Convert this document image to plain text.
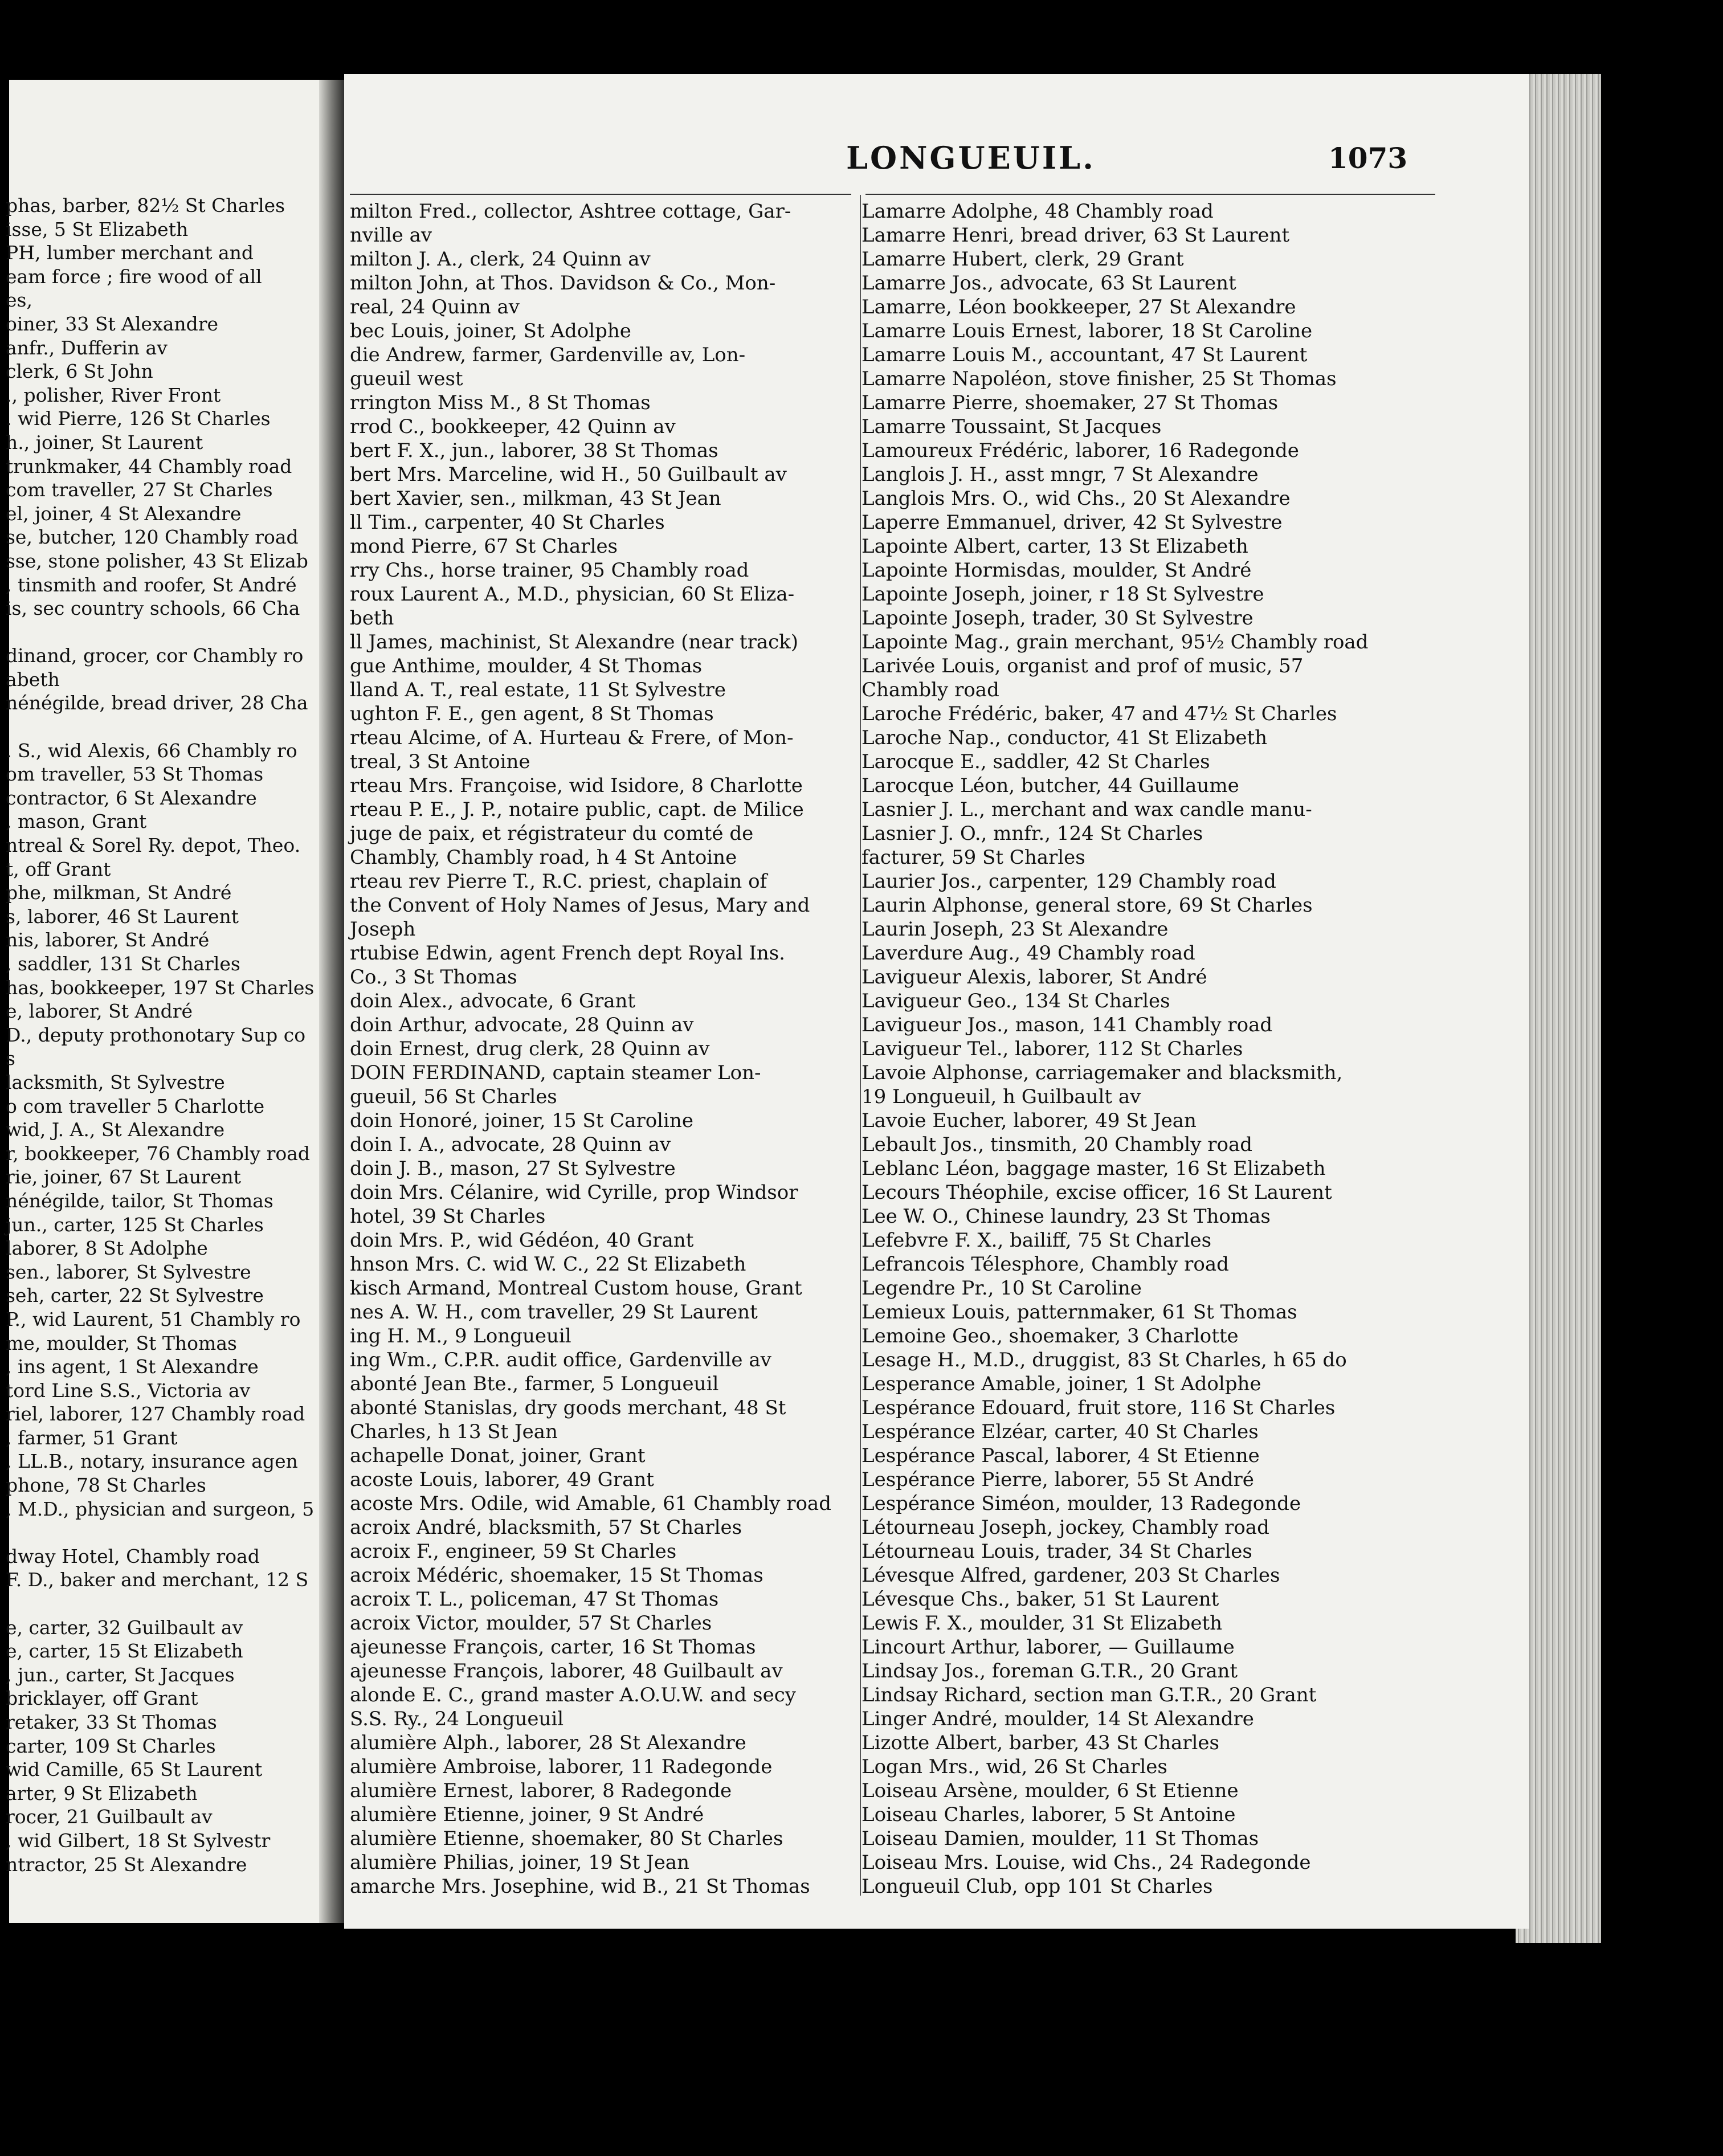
phas, barber, 82½ St Charles
isse, 5 St Elizabeth
PH, lumber merchant and
eam force ; fire wood of all
es,
oiner, 33 St Alexandre
anfr., Dufferin av
clerk, 6 St John
., polisher, River Front
. wid Pierre, 126 St Charles
h., joiner, St Laurent
trunkmaker, 44 Chambly road
com traveller, 27 St Charles
el, joiner, 4 St Alexandre
se, butcher, 120 Chambly road
sse, stone polisher, 43 St Elizab
, tinsmith and roofer, St André
is, sec country schools, 66 Cha
dinand, grocer, cor Chambly ro
abeth
nénégilde, bread driver, 28 Cha
. S., wid Alexis, 66 Chambly ro
om traveller, 53 St Thomas
contractor, 6 St Alexandre
, mason, Grant
ntreal & Sorel Ry. depot, Theo.
t, off Grant
phe, milkman, St André
s, laborer, 46 St Laurent
nis, laborer, St André
, saddler, 131 St Charles
has, bookkeeper, 197 St Charles
e, laborer, St André
D., deputy prothonotary Sup co
s
lacksmith, St Sylvestre
o com traveller 5 Charlotte
wid, J. A., St Alexandre
r, bookkeeper, 76 Chambly road
rie, joiner, 67 St Laurent
nénégilde, tailor, St Thomas
jun., carter, 125 St Charles
laborer, 8 St Adolphe
sen., laborer, St Sylvestre
seh, carter, 22 St Sylvestre
P., wid Laurent, 51 Chambly ro
me, moulder, St Thomas
, ins agent, 1 St Alexandre
tord Line S.S., Victoria av
riel, laborer, 127 Chambly road
, farmer, 51 Grant
, LL.B., notary, insurance agen
phone, 78 St Charles
, M.D., physician and surgeon, 5
dway Hotel, Chambly road
F. D., baker and merchant, 12 S
e, carter, 32 Guilbault av
e, carter, 15 St Elizabeth
, jun., carter, St Jacques
bricklayer, off Grant
retaker, 33 St Thomas
carter, 109 St Charles
wid Camille, 65 St Laurent
arter, 9 St Elizabeth
rocer, 21 Guilbault av
, wid Gilbert, 18 St Sylvestr
ntractor, 25 St Alexandre
LONGUEUIL.	1073
milton Fred., collector, Ashtree cottage, Gar-
nville av
milton J. A., clerk, 24 Quinn av
milton John, at Thos. Davidson & Co., Mon-
real, 24 Quinn av
bec Louis, joiner, St Adolphe
die Andrew, farmer, Gardenville av, Lon-
gueuil west
rrington Miss M., 8 St Thomas
rrod C., bookkeeper, 42 Quinn av
bert F. X., jun., laborer, 38 St Thomas
bert Mrs. Marceline, wid H., 50 Guilbault av
bert Xavier, sen., milkman, 43 St Jean
ll Tim., carpenter, 40 St Charles
mond Pierre, 67 St Charles
rry Chs., horse trainer, 95 Chambly road
roux Laurent A., M.D., physician, 60 St Eliza-
beth
ll James, machinist, St Alexandre (near track)
gue Anthime, moulder, 4 St Thomas
lland A. T., real estate, 11 St Sylvestre
ughton F. E., gen agent, 8 St Thomas
rteau Alcime, of A. Hurteau & Frere, of Mon-
treal, 3 St Antoine
rteau Mrs. Françoise, wid Isidore, 8 Charlotte
rteau P. E., J. P., notaire public, capt. de Milice
juge de paix, et régistrateur du comté de
Chambly, Chambly road, h 4 St Antoine
rteau rev Pierre T., R.C. priest, chaplain of
the Convent of Holy Names of Jesus, Mary and
Joseph
rtubise Edwin, agent French dept Royal Ins.
Co., 3 St Thomas
doin Alex., advocate, 6 Grant
doin Arthur, advocate, 28 Quinn av
doin Ernest, drug clerk, 28 Quinn av
DOIN FERDINAND, captain steamer Lon-
gueuil, 56 St Charles
doin Honoré, joiner, 15 St Caroline
doin I. A., advocate, 28 Quinn av
doin J. B., mason, 27 St Sylvestre
doin Mrs. Célanire, wid Cyrille, prop Windsor
hotel, 39 St Charles
doin Mrs. P., wid Gédéon, 40 Grant
hnson Mrs. C. wid W. C., 22 St Elizabeth
kisch Armand, Montreal Custom house, Grant
nes A. W. H., com traveller, 29 St Laurent
ing H. M., 9 Longueuil
ing Wm., C.P.R. audit office, Gardenville av
abonté Jean Bte., farmer, 5 Longueuil
abonté Stanislas, dry goods merchant, 48 St
Charles, h 13 St Jean
achapelle Donat, joiner, Grant
acoste Louis, laborer, 49 Grant
acoste Mrs. Odile, wid Amable, 61 Chambly road
acroix André, blacksmith, 57 St Charles
acroix F., engineer, 59 St Charles
acroix Médéric, shoemaker, 15 St Thomas
acroix T. L., policeman, 47 St Thomas
acroix Victor, moulder, 57 St Charles
ajeunesse François, carter, 16 St Thomas
ajeunesse François, laborer, 48 Guilbault av
alonde E. C., grand master A.O.U.W. and secy
S.S. Ry., 24 Longueuil
alumière Alph., laborer, 28 St Alexandre
alumière Ambroise, laborer, 11 Radegonde
alumière Ernest, laborer, 8 Radegonde
alumière Etienne, joiner, 9 St André
alumière Etienne, shoemaker, 80 St Charles
alumière Philias, joiner, 19 St Jean
amarche Mrs. Josephine, wid B., 21 St Thomas
Lamarre Adolphe, 48 Chambly road
Lamarre Henri, bread driver, 63 St Laurent
Lamarre Hubert, clerk, 29 Grant
Lamarre Jos., advocate, 63 St Laurent
Lamarre, Léon bookkeeper, 27 St Alexandre
Lamarre Louis Ernest, laborer, 18 St Caroline
Lamarre Louis M., accountant, 47 St Laurent
Lamarre Napoléon, stove finisher, 25 St Thomas
Lamarre Pierre, shoemaker, 27 St Thomas
Lamarre Toussaint, St Jacques
Lamoureux Frédéric, laborer, 16 Radegonde
Langlois J. H., asst mngr, 7 St Alexandre
Langlois Mrs. O., wid Chs., 20 St Alexandre
Laperre Emmanuel, driver, 42 St Sylvestre
Lapointe Albert, carter, 13 St Elizabeth
Lapointe Hormisdas, moulder, St André
Lapointe Joseph, joiner, r 18 St Sylvestre
Lapointe Joseph, trader, 30 St Sylvestre
Lapointe Mag., grain merchant, 95½ Chambly road
Larivée Louis, organist and prof of music, 57
Chambly road
Laroche Frédéric, baker, 47 and 47½ St Charles
Laroche Nap., conductor, 41 St Elizabeth
Larocque E., saddler, 42 St Charles
Larocque Léon, butcher, 44 Guillaume
Lasnier J. L., merchant and wax candle manu-
Lasnier J. O., mnfr., 124 St Charles
facturer, 59 St Charles
Laurier Jos., carpenter, 129 Chambly road
Laurin Alphonse, general store, 69 St Charles
Laurin Joseph, 23 St Alexandre
Laverdure Aug., 49 Chambly road
Lavigueur Alexis, laborer, St André
Lavigueur Geo., 134 St Charles
Lavigueur Jos., mason, 141 Chambly road
Lavigueur Tel., laborer, 112 St Charles
Lavoie Alphonse, carriagemaker and blacksmith,
19 Longueuil, h Guilbault av
Lavoie Eucher, laborer, 49 St Jean
Lebault Jos., tinsmith, 20 Chambly road
Leblanc Léon, baggage master, 16 St Elizabeth
Lecours Théophile, excise officer, 16 St Laurent
Lee W. O., Chinese laundry, 23 St Thomas
Lefebvre F. X., bailiff, 75 St Charles
Lefrancois Télesphore, Chambly road
Legendre Pr., 10 St Caroline
Lemieux Louis, patternmaker, 61 St Thomas
Lemoine Geo., shoemaker, 3 Charlotte
Lesage H., M.D., druggist, 83 St Charles, h 65 do
Lesperance Amable, joiner, 1 St Adolphe
Lespérance Edouard, fruit store, 116 St Charles
Lespérance Elzéar, carter, 40 St Charles
Lespérance Pascal, laborer, 4 St Etienne
Lespérance Pierre, laborer, 55 St André
Lespérance Siméon, moulder, 13 Radegonde
Létourneau Joseph, jockey, Chambly road
Létourneau Louis, trader, 34 St Charles
Lévesque Alfred, gardener, 203 St Charles
Lévesque Chs., baker, 51 St Laurent
Lewis F. X., moulder, 31 St Elizabeth
Lincourt Arthur, laborer, — Guillaume
Lindsay Jos., foreman G.T.R., 20 Grant
Lindsay Richard, section man G.T.R., 20 Grant
Linger André, moulder, 14 St Alexandre
Lizotte Albert, barber, 43 St Charles
Logan Mrs., wid, 26 St Charles
Loiseau Arsène, moulder, 6 St Etienne
Loiseau Charles, laborer, 5 St Antoine
Loiseau Damien, moulder, 11 St Thomas
Loiseau Mrs. Louise, wid Chs., 24 Radegonde
Longueuil Club, opp 101 St Charles
